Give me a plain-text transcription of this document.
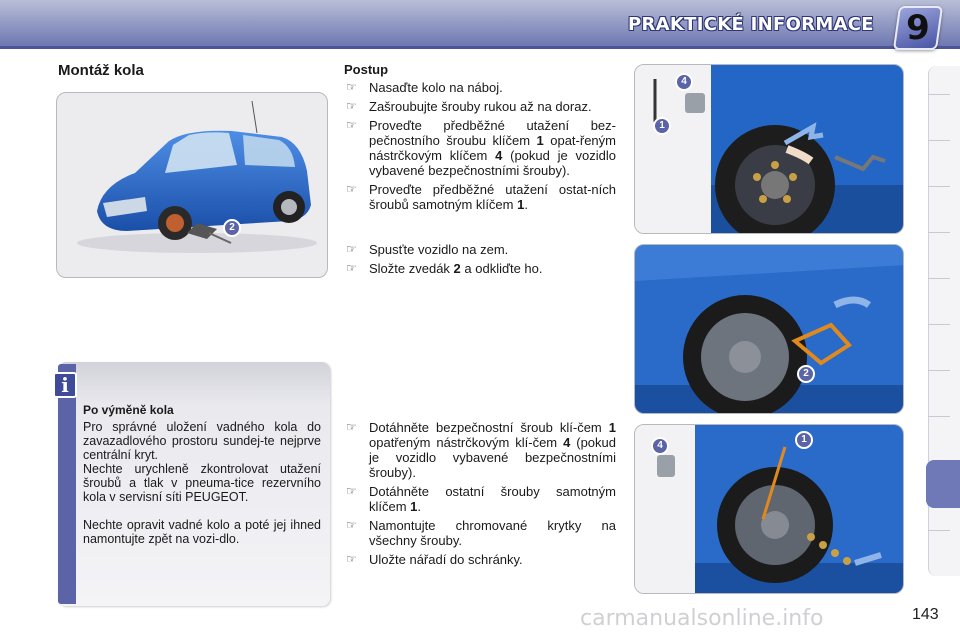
PRAKTICKÉ INFORMACE 9
Montáž kola
2
Postup
☞ Nasaďte kolo na náboj.
☞ Zašroubujte šrouby rukou až na doraz.
☞ Proveďte předběžné utažení bez-pečnostního šroubu klíčem 1 opat-řeným nástrčkovým klíčem 4 (pokud je vozidlo vybavené bezpečnostními šrouby).
☞ Proveďte předběžné utažení ostat-ních šroubů samotným klíčem 1.
☞ Spusťte vozidlo na zem.
☞ Složte zvedák 2 a odkliďte ho.
☞ Dotáhněte bezpečnostní šroub klí-čem 1 opatřeným nástrčkovým klí-čem 4 (pokud je vozidlo vybavené bezpečnostními šrouby).
☞ Dotáhněte ostatní šrouby samotným klíčem 1.
☞ Namontujte chromované krytky na všechny šrouby.
☞ Uložte nářadí do schránky.
4
1
2
4
1
i
Po výměně kola
Pro správné uložení vadného kola do zavazadlového prostoru sundej-te nejprve centrální kryt.
Nechte urychleně zkontrolovat utažení šroubů a tlak v pneuma-tice rezervního kola v servisní síti PEUGEOT.
Nechte opravit vadné kolo a poté jej ihned namontujte zpět na vozi-dlo.
carmanualsonline.info	143
